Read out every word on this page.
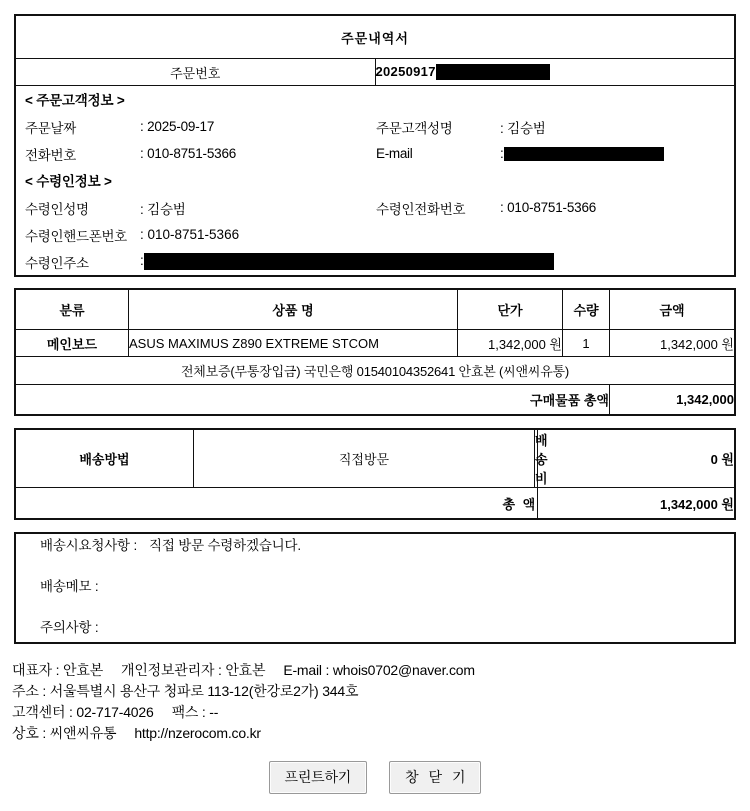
주문내역서
주문번호	20250917

< 주문고객정보 >
주문날짜	: 2025-09-17	주문고객성명	: 김승범
전화번호	: 010-8751-5366	E-mail	:
< 수령인정보 >
수령인성명	: 김승범	수령인전화번호	: 010-8751-5366
수령인핸드폰번호 : 010-8751-5366
수령인주소	:
분류	상품 명	단가	수량	금액
메인보드	ASUS MAXIMUS Z890 EXTREME STCOM	1,342,000 원	1	1,342,000 원
전체보증(무통장입금) 국민은행 01540104352641 안효본 (씨앤씨유통)				
구매물품 총액				1,342,000
배송방법	직접방문	배송비	0 원
총 액			1,342,000 원
배송시요청사항 : 직접 방문 수령하겠습니다.
배송메모 :
주의사항 :
대표자 : 안효본 개인정보관리자 : 안효본 E-mail : whois0702@naver.com
주소 : 서울특별시 용산구 청파로 113-12(한강로2가) 344호
고객센터 : 02-717-4026 팩스 : --
상호 : 씨앤씨유통 http://nzerocom.co.kr
프린트하기	창 닫 기
